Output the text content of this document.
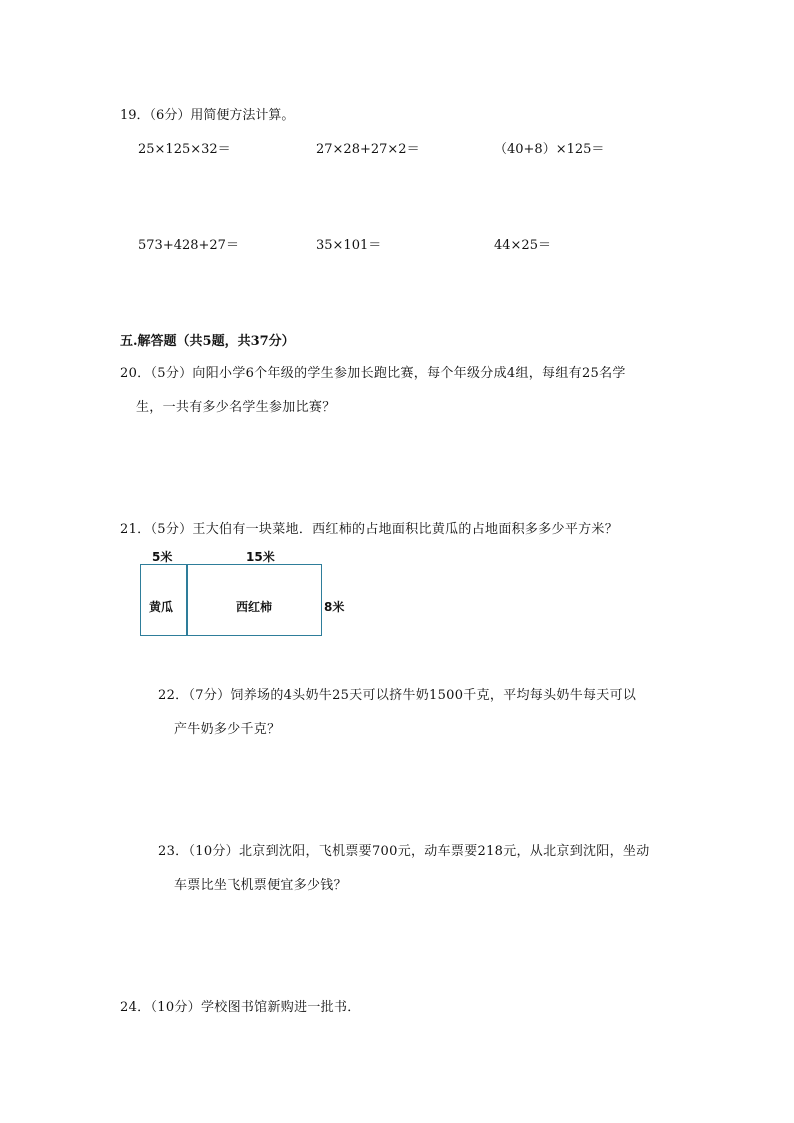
19．（6分）用简便方法计算。
25×125×32＝	27×28+27×2＝	（40+8）×125＝
573+428+27＝	35×101＝	44×25＝
五.解答题（共5题，共37分）
20．（5分）向阳小学6个年级的学生参加长跑比赛，每个年级分成4组，每组有25名学
生，一共有多少名学生参加比赛？
21．（5分）王大伯有一块菜地．西红柿的占地面积比黄瓜的占地面积多多少平方米？
5米	15米
黄瓜	西红柿	8米
22．（7分）饲养场的4头奶牛25天可以挤牛奶1500千克，平均每头奶牛每天可以
产牛奶多少千克？
23．（10分）北京到沈阳，飞机票要700元，动车票要218元，从北京到沈阳，坐动
车票比坐飞机票便宜多少钱？
24．（10分）学校图书馆新购进一批书．
